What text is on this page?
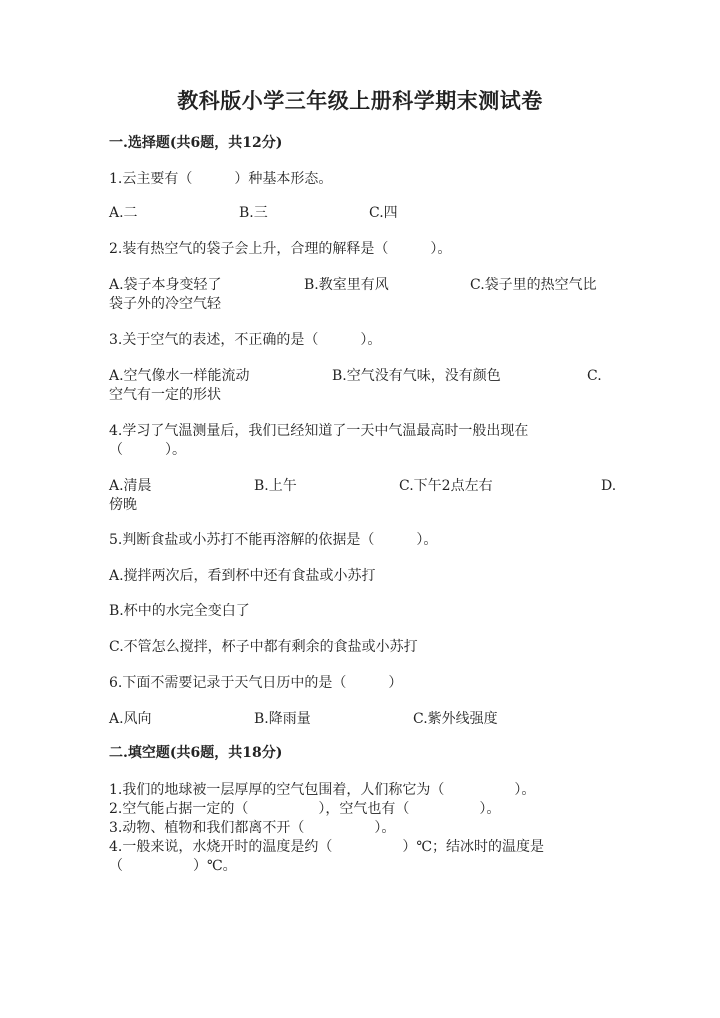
教科版小学三年级上册科学期末测试卷
一.选择题(共6题，共12分)
1.云主要有（　　　）种基本形态。
A.二	B.三	C.四
2.装有热空气的袋子会上升，合理的解释是（　　　）。
A.袋子本身变轻了	B.教室里有风	C.袋子里的热空气比
袋子外的冷空气轻
3.关于空气的表述，不正确的是（　　　）。
A.空气像水一样能流动	B.空气没有气味，没有颜色	C.
空气有一定的形状
4.学习了气温测量后，我们已经知道了一天中气温最高时一般出现在
（　　　）。
A.清晨	B.上午	C.下午2点左右	D.
傍晚
5.判断食盐或小苏打不能再溶解的依据是（　　　）。
A.搅拌两次后，看到杯中还有食盐或小苏打
B.杯中的水完全变白了
C.不管怎么搅拌，杯子中都有剩余的食盐或小苏打
6.下面不需要记录于天气日历中的是（　　　）
A.风向	B.降雨量	C.紫外线强度
二.填空题(共6题，共18分)
1.我们的地球被一层厚厚的空气包围着，人们称它为（　　　　　）。
2.空气能占据一定的（　　　　　），空气也有（　　　　　）。
3.动物、植物和我们都离不开（　　　　　）。
4.一般来说，水烧开时的温度是约（　　　　　）℃；结冰时的温度是
（　　　　　）℃。
